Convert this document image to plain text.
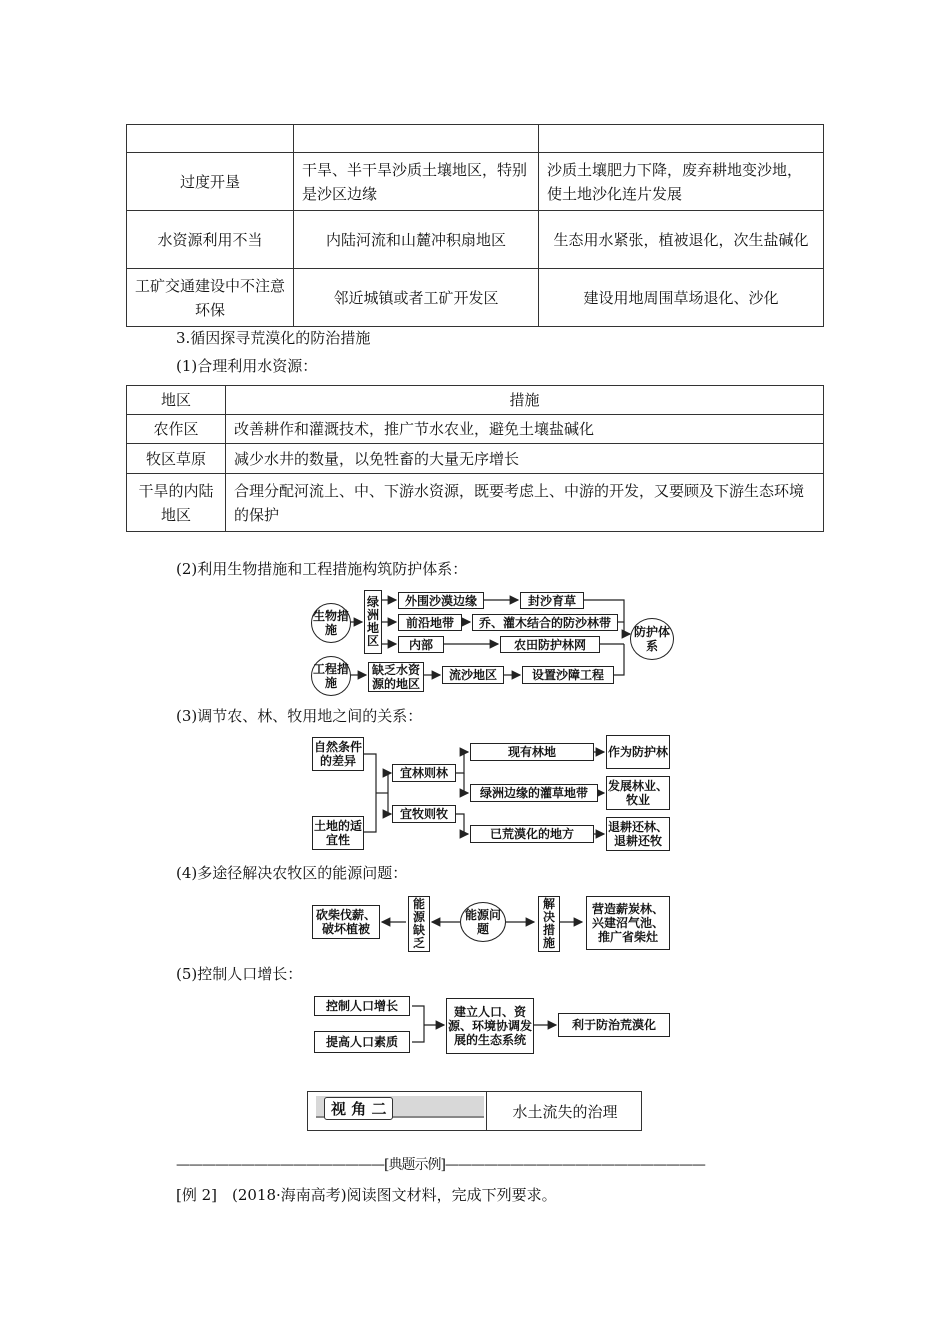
过度开垦	干旱、半干旱沙质土壤地区，特别是沙区边缘	沙质土壤肥力下降，废弃耕地变沙地，使土地沙化连片发展
水资源利用不当	内陆河流和山麓冲积扇地区	生态用水紧张，植被退化，次生盐碱化
工矿交通建设中不注意环保	邻近城镇或者工矿开发区	建设用地周围草场退化、沙化
3.循因探寻荒漠化的防治措施
(1)合理利用水资源：
地区	措施
农作区	改善耕作和灌溉技术，推广节水农业，避免土壤盐碱化
牧区草原	减少水井的数量，以免牲畜的大量无序增长
干旱的内陆地区	合理分配河流上、中、下游水资源，既要考虑上、中游的开发，又要顾及下游生态环境的保护
(2)利用生物措施和工程措施构筑防护体系：
生物措施
工程措施
绿
洲
地
区
外围沙漠边缘
前沿地带
内部
封沙育草
乔、灌木结合的防沙林带
农田防护林网
防护体系
缺乏水资源的地区
流沙地区	设置沙障工程
(3)调节农、林、牧用地之间的关系：
自然条件的差异
土地的适宜性
宜林则林
宜牧则牧
现有林地
绿洲边缘的灌草地带
已荒漠化的地方
作为防护林
发展林业、牧业
退耕还林、退耕还牧
(4)多途径解决农牧区的能源问题：
砍柴伐薪、破坏植被
能
源
缺
乏
能源问题
解
决
措
施
营造薪炭林、兴建沼气池、推广省柴灶
(5)控制人口增长：
控制人口增长
提高人口素质
建立人口、资源、环境协调发展的生态系统
利于防治荒漠化
视 角 二	水土流失的治理
————————————————[典题示例]————————————————————
[例 2]　(2018·海南高考)阅读图文材料，完成下列要求。
